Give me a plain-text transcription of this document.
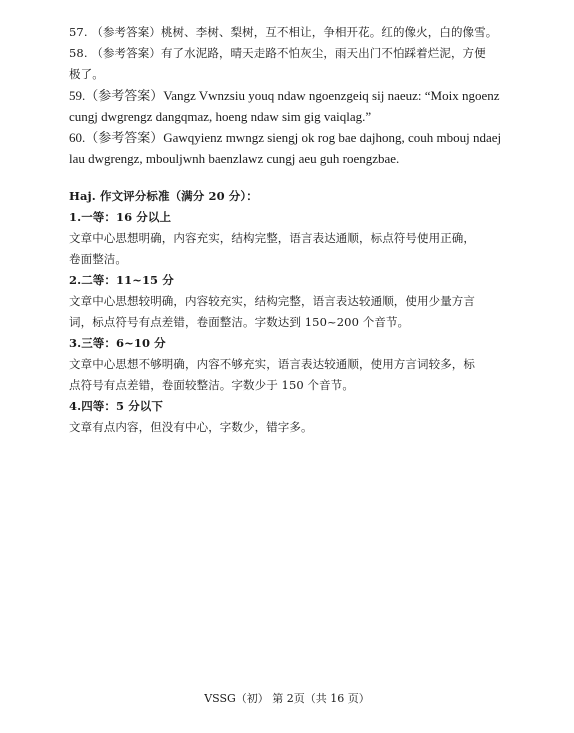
57. （参考答案）桃树、李树、梨树，互不相让，争相开花。红的像火，白的像雪。
58. （参考答案）有了水泥路，晴天走路不怕灰尘，雨天出门不怕踩着烂泥，方便
极了。
59.（参考答案）Vangz Vwnzsiu youq ndaw ngoenzgeiq sij naeuz: “Moix ngoenz
cungj dwgrengz dangqmaz, hoeng ndaw sim gig vaiqlag.”
60.（参考答案）Gawqyienz mwngz siengj ok rog bae dajhong, couh mbouj ndaej
lau dwgrengz, mbouljwnh baenzlawz cungj aeu guh roengzbae.
Haj. 作文评分标准（满分 20 分）：
1.一等：16 分以上
文章中心思想明确，内容充实，结构完整，语言表达通顺，标点符号使用正确，
卷面整洁。
2.二等：11~15 分
文章中心思想较明确，内容较充实，结构完整，语言表达较通顺，使用少量方言
词，标点符号有点差错，卷面整洁。字数达到 150~200 个音节。
3.三等：6~10 分
文章中心思想不够明确，内容不够充实，语言表达较通顺，使用方言词较多，标
点符号有点差错，卷面较整洁。字数少于 150 个音节。
4.四等：5 分以下
文章有点内容，但没有中心，字数少，错字多。
VSSG（初） 第 2页（共 16 页）
